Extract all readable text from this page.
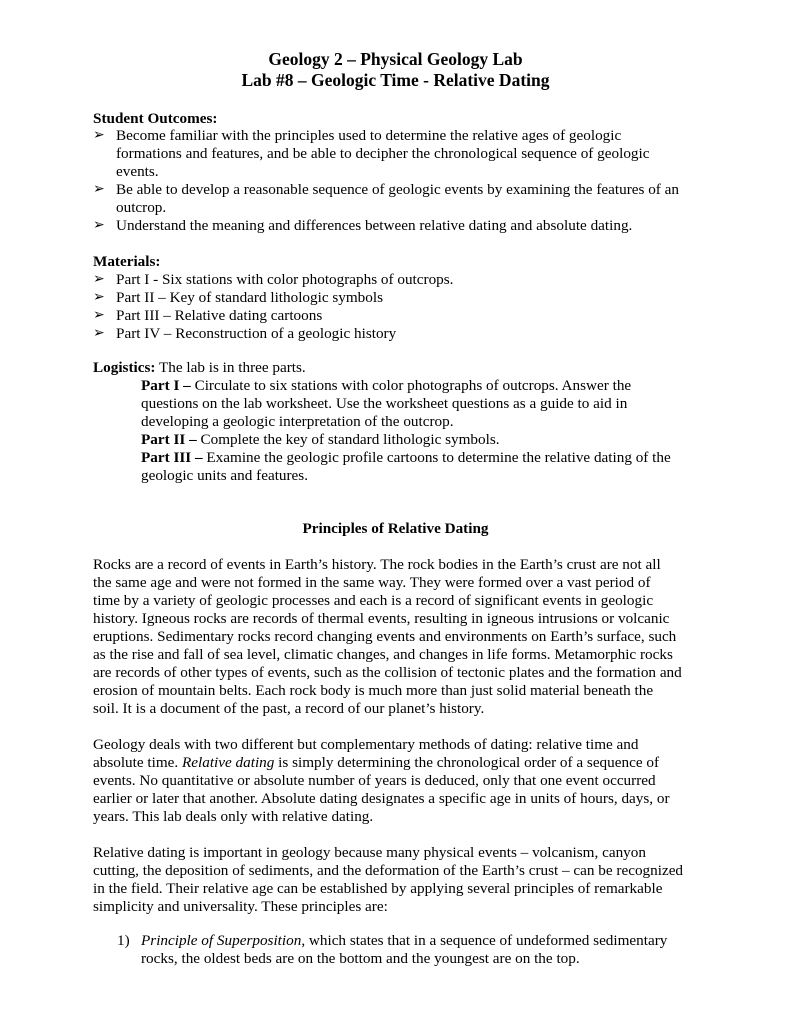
Geology 2 – Physical Geology Lab
Lab #8 – Geologic Time - Relative Dating
Student Outcomes:
➢ Become familiar with the principles used to determine the relative ages of geologic
formations and features, and be able to decipher the chronological sequence of geologic
events.
➢ Be able to develop a reasonable sequence of geologic events by examining the features of an
outcrop.
➢ Understand the meaning and differences between relative dating and absolute dating.
Materials:
➢ Part I - Six stations with color photographs of outcrops.
➢ Part II – Key of standard lithologic symbols
➢ Part III – Relative dating cartoons
➢ Part IV – Reconstruction of a geologic history
Logistics: The lab is in three parts.
Part I – Circulate to six stations with color photographs of outcrops. Answer the
questions on the lab worksheet. Use the worksheet questions as a guide to aid in
developing a geologic interpretation of the outcrop.
Part II – Complete the key of standard lithologic symbols.
Part III – Examine the geologic profile cartoons to determine the relative dating of the
geologic units and features.
Principles of Relative Dating
Rocks are a record of events in Earth’s history. The rock bodies in the Earth’s crust are not all
the same age and were not formed in the same way. They were formed over a vast period of
time by a variety of geologic processes and each is a record of significant events in geologic
history. Igneous rocks are records of thermal events, resulting in igneous intrusions or volcanic
eruptions. Sedimentary rocks record changing events and environments on Earth’s surface, such
as the rise and fall of sea level, climatic changes, and changes in life forms. Metamorphic rocks
are records of other types of events, such as the collision of tectonic plates and the formation and
erosion of mountain belts. Each rock body is much more than just solid material beneath the
soil. It is a document of the past, a record of our planet’s history.
Geology deals with two different but complementary methods of dating: relative time and
absolute time. Relative dating is simply determining the chronological order of a sequence of
events. No quantitative or absolute number of years is deduced, only that one event occurred
earlier or later that another. Absolute dating designates a specific age in units of hours, days, or
years. This lab deals only with relative dating.
Relative dating is important in geology because many physical events – volcanism, canyon
cutting, the deposition of sediments, and the deformation of the Earth’s crust – can be recognized
in the field. Their relative age can be established by applying several principles of remarkable
simplicity and universality. These principles are:
1) Principle of Superposition, which states that in a sequence of undeformed sedimentary
rocks, the oldest beds are on the bottom and the youngest are on the top.
